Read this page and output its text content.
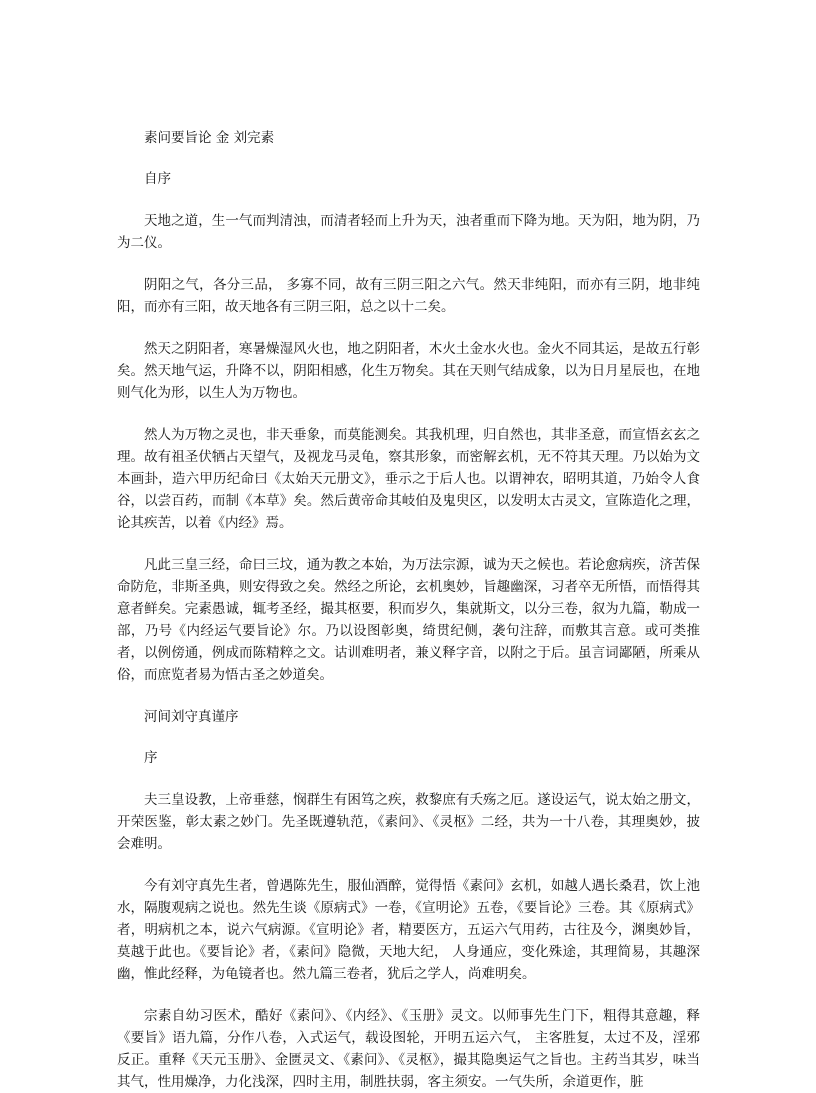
素问要旨论 金 刘完素

自序

天地之道，生一气而判清浊，而清者轻而上升为天，浊者重而下降为地。天为阳，地为阴，乃为二仪。

阴阳之气，各分三品， 多寡不同，故有三阴三阳之六气。然天非纯阳，而亦有三阴，地非纯阳，而亦有三阳，故天地各有三阴三阳，总之以十二矣。

然天之阴阳者，寒暑燥湿风火也，地之阴阳者，木火土金水火也。金火不同其运，是故五行彰矣。然天地气运，升降不以，阴阳相感，化生万物矣。其在天则气结成象，以为日月星辰也，在地则气化为形，以生人为万物也。

然人为万物之灵也，非天垂象，而莫能测矣。其我机理，归自然也，其非圣意，而宣悟玄玄之理。故有祖圣伏牺占天望气，及视龙马灵龟，察其形象，而密解玄机，无不符其天理。乃以始为文本画卦，造六甲历纪命曰《太始天元册文》，垂示之于后人也。以谓神农，昭明其道，乃始令人食谷，以尝百药，而制《本草》矣。然后黄帝命其岐伯及鬼臾区，以发明太古灵文，宣陈造化之理，论其疾苦，以着《内经》焉。

凡此三皇三经，命曰三坟，通为教之本始，为万法宗源，诚为天之候也。若论愈病疾，济苦保命防危，非斯圣典，则安得致之矣。然经之所论，玄机奥妙，旨趣幽深，习者卒无所悟，而悟得其意者鲜矣。完素愚诚，辄考圣经，撮其枢要，积而岁久，集就斯文，以分三卷，叙为九篇，勒成一部，乃号《内经运气要旨论》尔。乃以设图彰奥，绮贯纪侧，袭句注辞，而敷其言意。或可类推者，以例傍通，例成而陈精粹之文。诂训难明者，兼义释字音，以附之于后。虽言词鄙陋，所乘从俗，而庶览者易为悟古圣之妙道矣。

河间刘守真谨序

序

夫三皇设教，上帝垂慈，悯群生有困笃之疾，救黎庶有夭殇之厄。遂设运气，说太始之册文，开荣医鉴，彰太素之妙门。先圣既遵轨范，《素问》、《灵枢》二经，共为一十八卷，其理奥妙，披会难明。

今有刘守真先生者，曾遇陈先生，服仙酒醉，觉得悟《素问》玄机，如越人遇长桑君，饮上池水，隔腹观病之说也。然先生谈《原病式》一卷，《宣明论》五卷，《要旨论》三卷。其《原病式》者，明病机之本，说六气病源。《宣明论》者，精要医方，五运六气用药，古往及今，渊奥妙旨，莫越于此也。《要旨论》者，《素问》隐微，天地大纪， 人身通应，变化殊途，其理简易，其趣深幽，惟此经释，为龟镜者也。然九篇三卷者，犹后之学人，尚难明矣。

宗素自幼习医术，酷好《素问》、《内经》、《玉册》灵文。以师事先生门下，粗得其意趣，释《要旨》语九篇，分作八卷，入式运气，载设图轮，开明五运六气， 主客胜复，太过不及，淫邪反正。重释《天元玉册》、金匮灵文、《素问》、《灵枢》，撮其隐奥运气之旨也。主药当其岁，味当其气，性用燥净，力化浅深，四时主用，制胜扶弱，客主须安。一气失所，余道更作，脏
